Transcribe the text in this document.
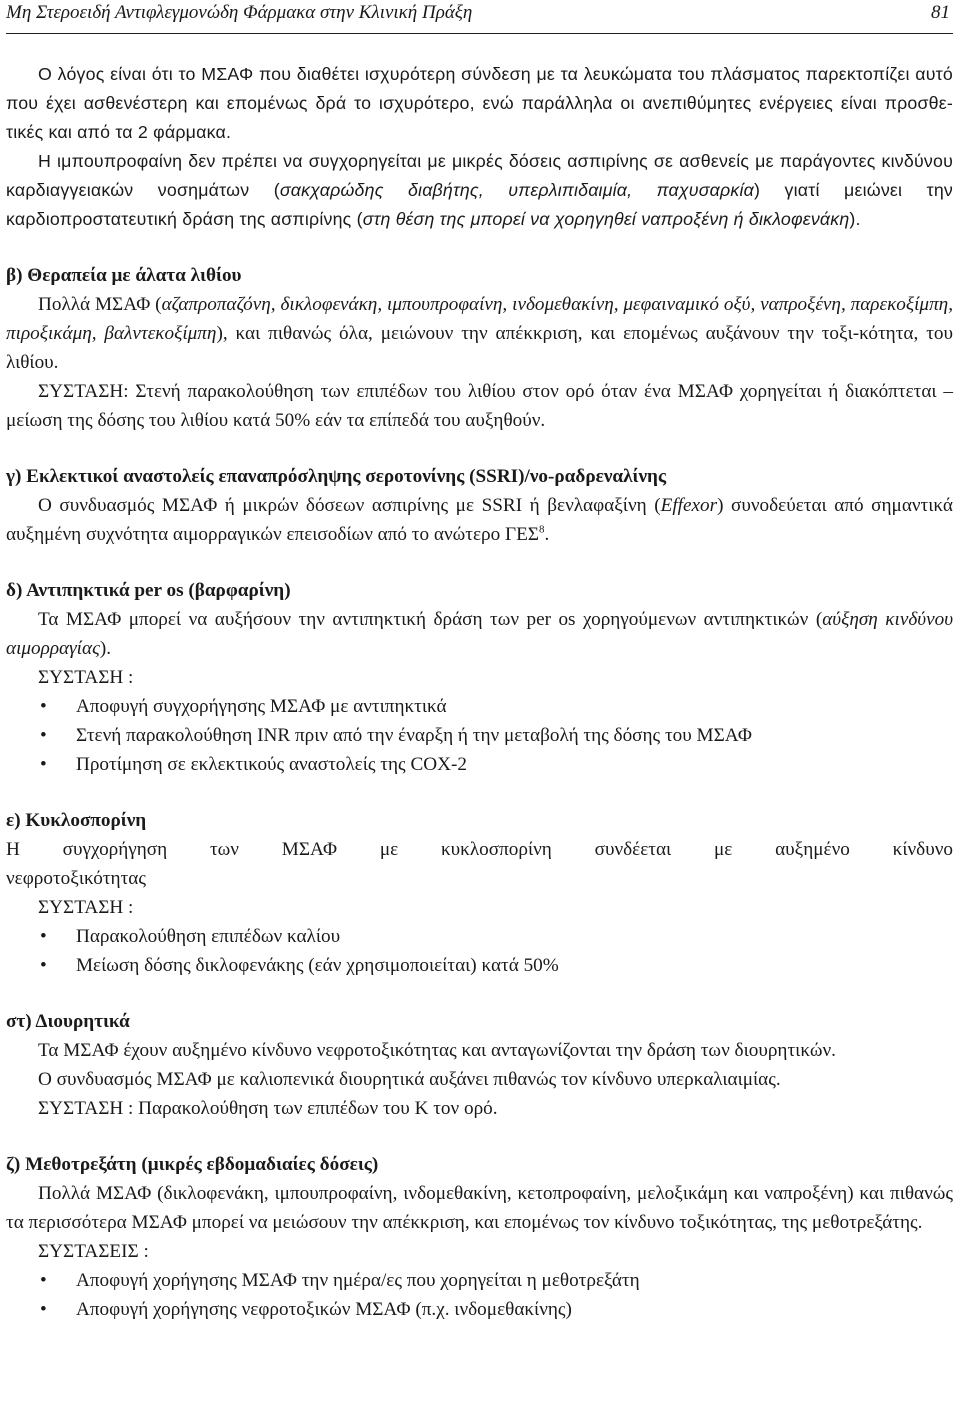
Μη Στεροειδή Αντιφλεγμονώδη Φάρμακα στην Κλινική Πράξη	81

Ο λόγος είναι ότι το ΜΣΑΦ που διαθέτει ισχυρότερη σύνδεση με τα λευκώματα του πλάσματος παρεκτοπίζει αυτό που έχει ασθενέστερη και επομένως δρά το ισχυρότερο, ενώ παράλληλα οι ανεπιθύμητες ενέργειες είναι προσθε-τικές και από τα 2 φάρμακα.

Η ιμπουπροφαίνη δεν πρέπει να συγχορηγείται με μικρές δόσεις ασπιρίνης σε ασθενείς με παράγοντες κινδύνου καρδιαγγειακών νοσημάτων (σακχαρώδης διαβήτης, υπερλιπιδαιμία, παχυσαρκία) γιατί μειώνει την καρδιοπροστατευτική δράση της ασπιρίνης (στη θέση της μπορεί να χορηγηθεί ναπροξένη ή δικλοφενάκη).

β) Θεραπεία με άλατα λιθίου

Πολλά ΜΣΑΦ (αζαπροπαζόνη, δικλοφενάκη, ιμπουπροφαίνη, ινδομεθακίνη, μεφαιναμικό οξύ, ναπροξένη, παρεκοξίμπη, πιροξικάμη, βαλντεκοξίμπη), και πιθανώς όλα, μειώνουν την απέκκριση, και επομένως αυξάνουν την τοξι-κότητα, του λιθίου.

ΣΥΣΤΑΣΗ: Στενή παρακολούθηση των επιπέδων του λιθίου στον ορό όταν ένα ΜΣΑΦ χορηγείται ή διακόπτεται – μείωση της δόσης του λιθίου κατά 50% εάν τα επίπεδά του αυξηθούν.

γ) Εκλεκτικοί αναστολείς επαναπρόσληψης σεροτονίνης (SSRI)/νο-ραδρεναλίνης

Ο συνδυασμός ΜΣΑΦ ή μικρών δόσεων ασπιρίνης με SSRI ή βενλαφαξίνη (Effexor) συνοδεύεται από σημαντικά αυξημένη συχνότητα αιμορραγικών επεισοδίων από το ανώτερο ΓΕΣ$^8$.

δ) Αντιπηκτικά per os (βαρφαρίνη)

Τα ΜΣΑΦ μπορεί να αυξήσουν την αντιπηκτική δράση των per os χορηγούμενων αντιπηκτικών (αύξηση κινδύνου αιμορραγίας).

ΣΥΣΤΑΣΗ :

• Αποφυγή συγχορήγησης ΜΣΑΦ με αντιπηκτικά
• Στενή παρακολούθηση INR πριν από την έναρξη ή την μεταβολή της δόσης του ΜΣΑΦ
• Προτίμηση σε εκλεκτικούς αναστολείς της COX-2

ε) Κυκλοσπορίνη

Η συγχορήγηση των ΜΣΑΦ με κυκλοσπορίνη συνδέεται με αυξημένο κίνδυνο

νεφροτοξικότητας

ΣΥΣΤΑΣΗ :

• Παρακολούθηση επιπέδων καλίου
• Μείωση δόσης δικλοφενάκης (εάν χρησιμοποιείται) κατά 50%

στ) Διουρητικά

Τα ΜΣΑΦ έχουν αυξημένο κίνδυνο νεφροτοξικότητας και ανταγωνίζονται την δράση των διουρητικών.

Ο συνδυασμός ΜΣΑΦ με καλιοπενικά διουρητικά αυξάνει πιθανώς τον κίνδυνο υπερκαλιαιμίας.

ΣΥΣΤΑΣΗ : Παρακολούθηση των επιπέδων του Κ τον ορό.

ζ) Μεθοτρεξάτη (μικρές εβδομαδιαίες δόσεις)

Πολλά ΜΣΑΦ (δικλοφενάκη, ιμπουπροφαίνη, ινδομεθακίνη, κετοπροφαίνη, μελοξικάμη και ναπροξένη) και πιθανώς τα περισσότερα ΜΣΑΦ μπορεί να μειώσουν την απέκκριση, και επομένως τον κίνδυνο τοξικότητας, της μεθοτρεξάτης.

ΣΥΣΤΑΣΕΙΣ :

• Αποφυγή χορήγησης ΜΣΑΦ την ημέρα/ες που χορηγείται η μεθοτρεξάτη
• Αποφυγή χορήγησης νεφροτοξικών ΜΣΑΦ (π.χ. ινδομεθακίνης)
